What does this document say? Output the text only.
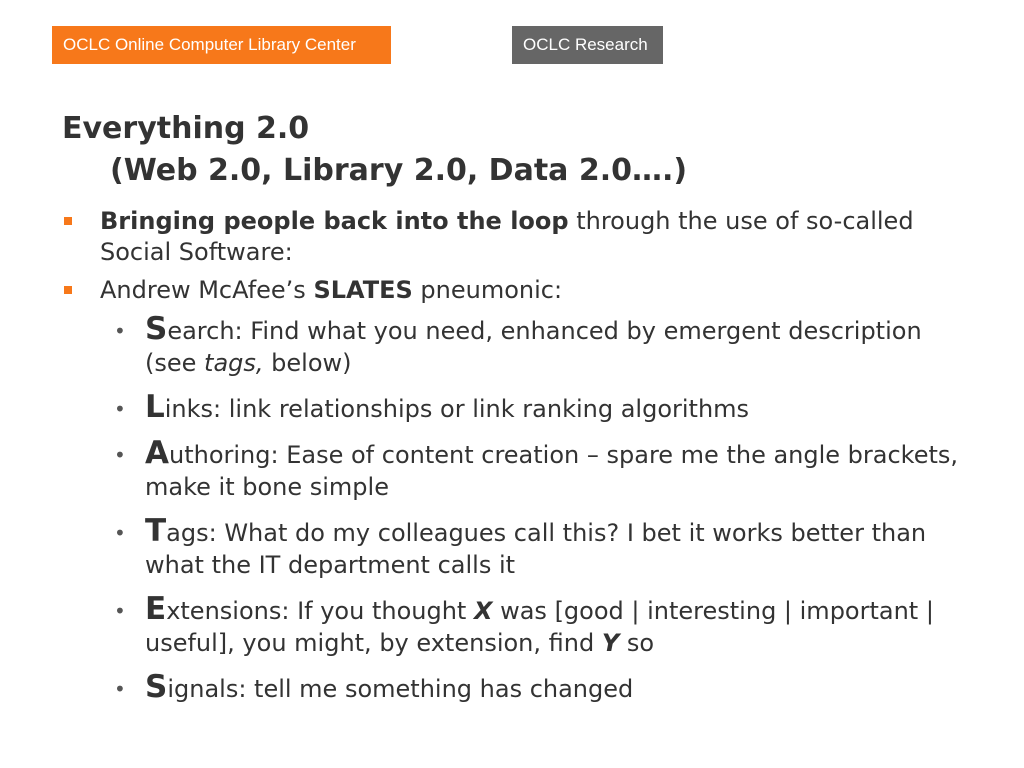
OCLC Online Computer Library Center	OCLC Research
Everything 2.0
(Web 2.0, Library 2.0, Data 2.0….)
Bringing people back into the loop through the use of so-called Social Software:
Andrew McAfee’s SLATES pneumonic:
• Search: Find what you need, enhanced by emergent description (see tags, below)
• Links: link relationships or link ranking algorithms
• Authoring: Ease of content creation – spare me the angle brackets, make it bone simple
• Tags: What do my colleagues call this? I bet it works better than what the IT department calls it
• Extensions: If you thought X was [good | interesting | important | useful], you might, by extension, find Y so
• Signals: tell me something has changed
